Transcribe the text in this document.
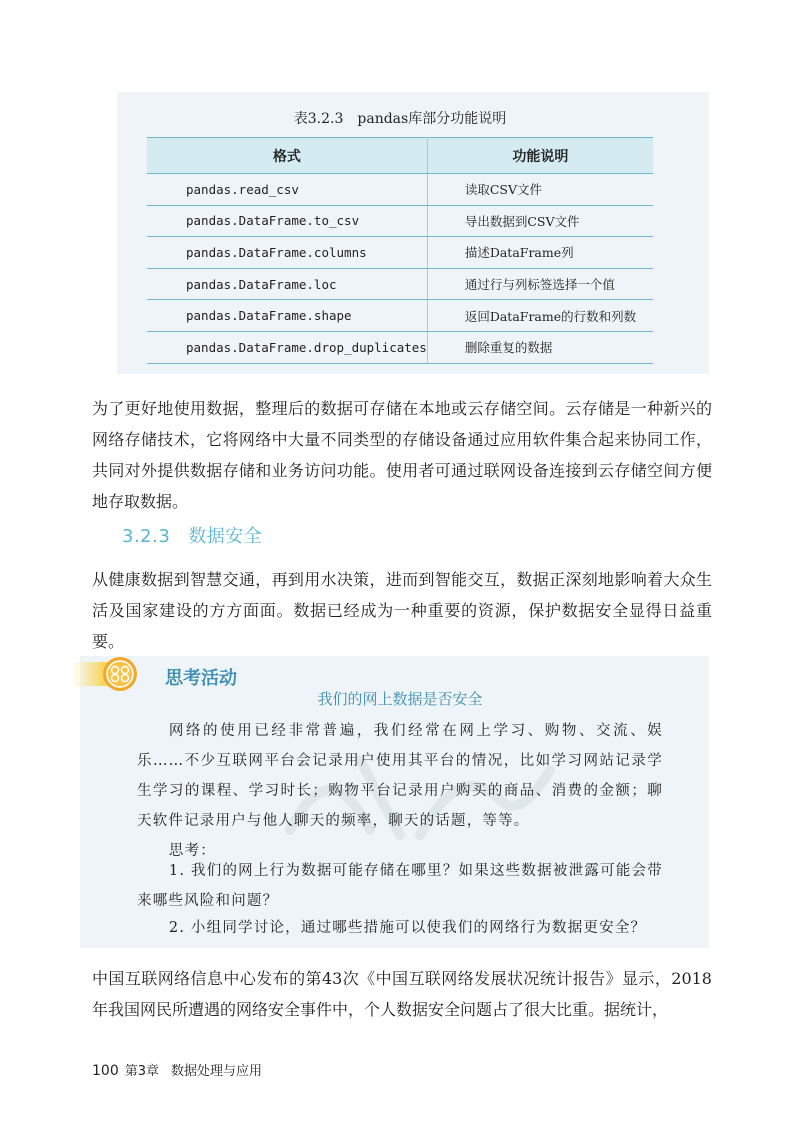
表3.2.3　pandas库部分功能说明
格式	功能说明
pandas.read_csv	读取CSV文件
pandas.DataFrame.to_csv	导出数据到CSV文件
pandas.DataFrame.columns	描述DataFrame列
pandas.DataFrame.loc	通过行与列标签选择一个值
pandas.DataFrame.shape	返回DataFrame的行数和列数
pandas.DataFrame.drop_duplicates	删除重复的数据
为了更好地使用数据，整理后的数据可存储在本地或云存储空间。云存储是一种新兴的网络存储技术，它将网络中大量不同类型的存储设备通过应用软件集合起来协同工作，共同对外提供数据存储和业务访问功能。使用者可通过联网设备连接到云存储空间方便地存取数据。
3.2.3 数据安全
从健康数据到智慧交通，再到用水决策，进而到智能交互，数据正深刻地影响着大众生活及国家建设的方方面面。数据已经成为一种重要的资源，保护数据安全显得日益重要。
思考活动
我们的网上数据是否安全
网络的使用已经非常普遍，我们经常在网上学习、购物、交流、娱乐……不少互联网平台会记录用户使用其平台的情况，比如学习网站记录学生学习的课程、学习时长；购物平台记录用户购买的商品、消费的金额；聊天软件记录用户与他人聊天的频率，聊天的话题，等等。
思考：
1. 我们的网上行为数据可能存储在哪里？如果这些数据被泄露可能会带来哪些风险和问题？
2. 小组同学讨论，通过哪些措施可以使我们的网络行为数据更安全？
中国互联网络信息中心发布的第43次《中国互联网络发展状况统计报告》显示，2018年我国网民所遭遇的网络安全事件中，个人数据安全问题占了很大比重。据统计，
100 第3章 数据处理与应用
